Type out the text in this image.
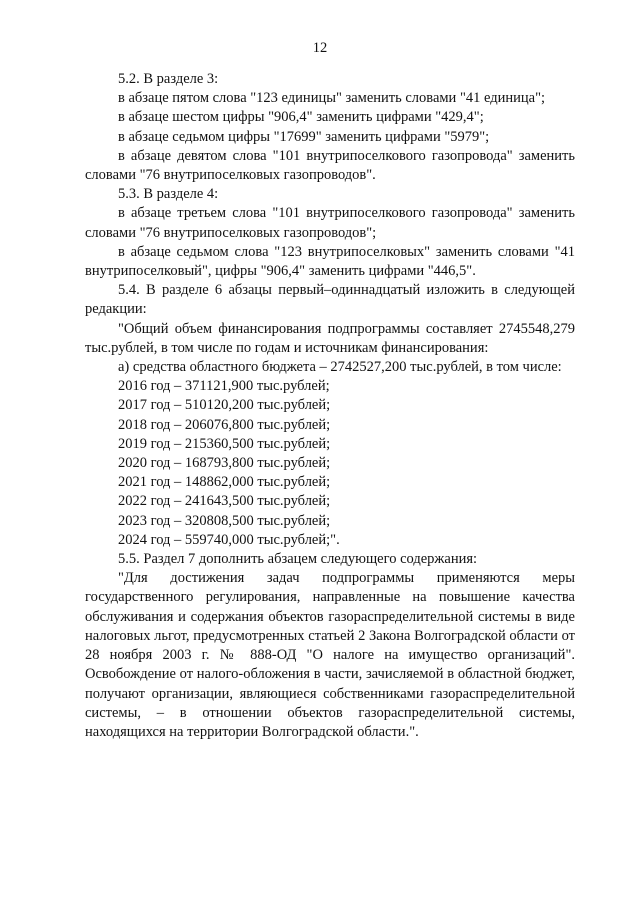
12

5.2. В разделе 3:

в абзаце пятом слова "123 единицы" заменить словами "41 единица";

в абзаце шестом цифры "906,4" заменить цифрами "429,4";

в абзаце седьмом цифры "17699" заменить цифрами "5979";

в абзаце девятом слова "101 внутрипоселкового газопровода" заменить словами "76 внутрипоселковых газопроводов".

5.3. В разделе 4:

в абзаце третьем слова "101 внутрипоселкового газопровода" заменить словами "76 внутрипоселковых газопроводов";

в абзаце седьмом слова "123 внутрипоселковых" заменить словами "41 внутрипоселковый", цифры "906,4" заменить цифрами "446,5".

5.4. В разделе 6 абзацы первый–одиннадцатый изложить в следующей редакции:

"Общий объем финансирования подпрограммы составляет 2745548,279 тыс.рублей, в том числе по годам и источникам финансирования:

а) средства областного бюджета – 2742527,200 тыс.рублей, в том числе:

2016 год – 371121,900 тыс.рублей;

2017 год – 510120,200 тыс.рублей;

2018 год – 206076,800 тыс.рублей;

2019 год – 215360,500 тыс.рублей;

2020 год – 168793,800 тыс.рублей;

2021 год – 148862,000 тыс.рублей;

2022 год – 241643,500 тыс.рублей;

2023 год – 320808,500 тыс.рублей;

2024 год – 559740,000 тыс.рублей;".

5.5. Раздел 7 дополнить абзацем следующего содержания:

"Для достижения задач подпрограммы применяются меры государственного регулирования, направленные на повышение качества обслуживания и содержания объектов газораспределительной системы в виде налоговых льгот, предусмотренных статьей 2 Закона Волгоградской области от 28 ноября 2003 г. № 888-ОД "О налоге на имущество организаций". Освобождение от налого-обложения в части, зачисляемой в областной бюджет, получают организации, являющиеся собственниками газораспределительной системы, – в отношении объектов газораспределительной системы, находящихся на территории Волгоградской области.".
